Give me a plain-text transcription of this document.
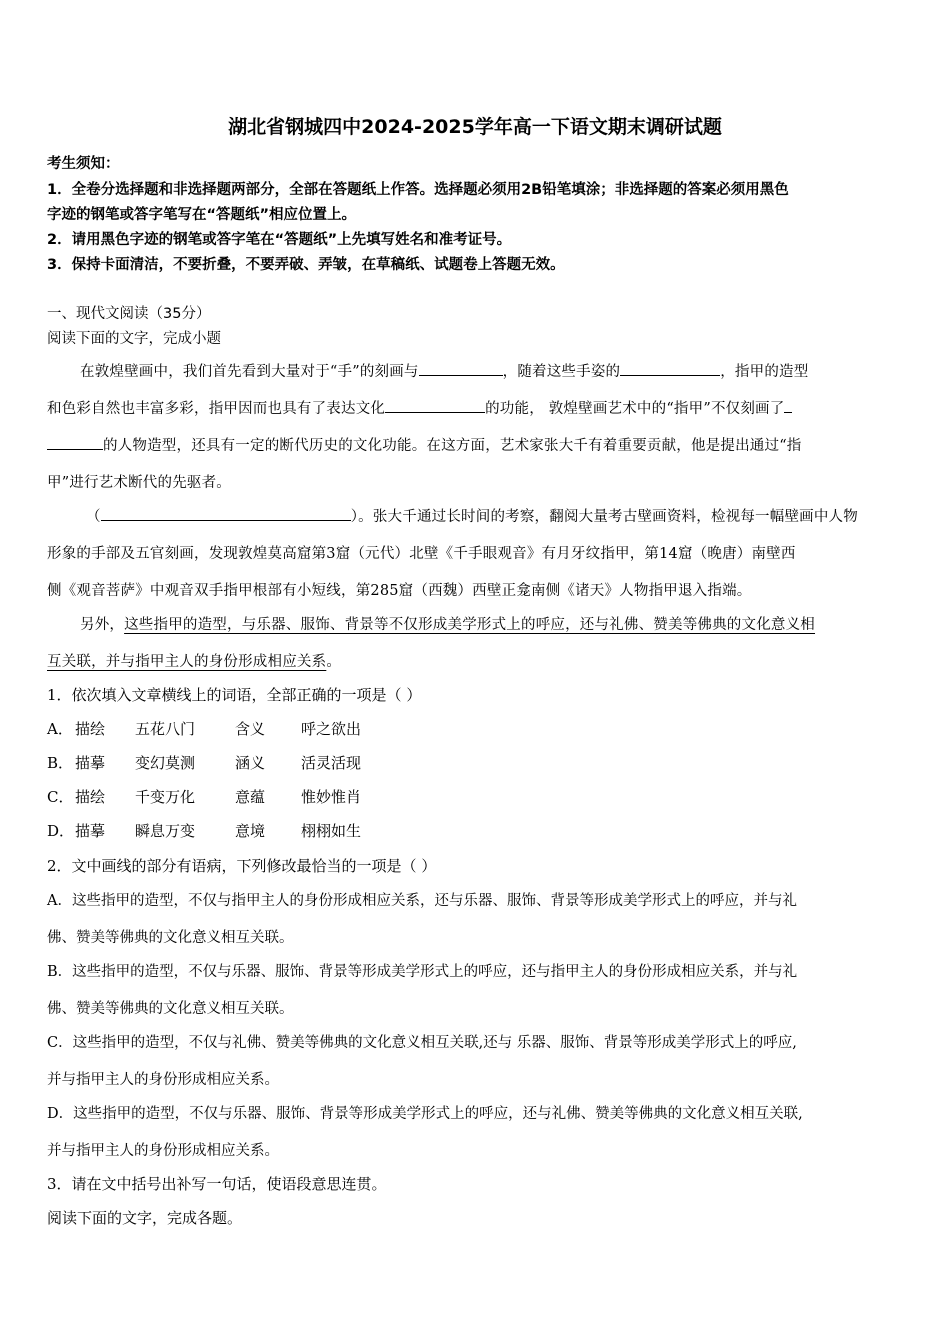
湖北省钢城四中2024-2025学年高一下语文期末调研试题
考生须知：
1．全卷分选择题和非选择题两部分，全部在答题纸上作答。选择题必须用2B铅笔填涂；非选择题的答案必须用黑色
字迹的钢笔或答字笔写在“答题纸”相应位置上。
2．请用黑色字迹的钢笔或答字笔在“答题纸”上先填写姓名和准考证号。
3．保持卡面清洁，不要折叠，不要弄破、弄皱，在草稿纸、试题卷上答题无效。
一、现代文阅读（35分）
阅读下面的文字，完成小题
在敦煌壁画中，我们首先看到大量对于“手”的刻画与	，随着这些手姿的	，指甲的造型
和色彩自然也丰富多彩，指甲因而也具有了表达文化	的功能， 敦煌壁画艺术中的“指甲”不仅刻画了
的人物造型，还具有一定的断代历史的文化功能。在这方面，艺术家张大千有着重要贡献，他是提出通过“指
甲”进行艺术断代的先驱者。
（	）。张大千通过长时间的考察，翻阅大量考古壁画资料，检视每一幅壁画中人物
形象的手部及五官刻画，发现敦煌莫高窟第3窟（元代）北壁《千手眼观音》有月牙纹指甲，第14窟（晚唐）南壁西
侧《观音菩萨》中观音双手指甲根部有小短线，第285窟（西魏）西壁正龛南侧《诸天》人物指甲退入指端。
另外，这些指甲的造型，与乐器、服饰、背景等不仅形成美学形式上的呼应，还与礼佛、赞美等佛典的文化意义相
互关联，并与指甲主人的身份形成相应关系。
1．依次填入文章横线上的词语，全部正确的一项是（ ）
A． 描绘 五花八门	含义 呼之欲出
B． 描摹 变幻莫测	涵义 活灵活现
C． 描绘 千变万化	意蕴 惟妙惟肖
D．描摹 瞬息万变	意境 栩栩如生
2．文中画线的部分有语病，下列修改最恰当的一项是（ ）
A．这些指甲的造型，不仅与指甲主人的身份形成相应关系，还与乐器、服饰、背景等形成美学形式上的呼应，并与礼
佛、赞美等佛典的文化意义相互关联。
B．这些指甲的造型，不仅与乐器、服饰、背景等形成美学形式上的呼应，还与指甲主人的身份形成相应关系，并与礼
佛、赞美等佛典的文化意义相互关联。
C．这些指甲的造型，不仅与礼佛、赞美等佛典的文化意义相互关联,还与 乐器、服饰、背景等形成美学形式上的呼应,
并与指甲主人的身份形成相应关系。
D．这些指甲的造型，不仅与乐器、服饰、背景等形成美学形式上的呼应，还与礼佛、赞美等佛典的文化意义相互关联,
并与指甲主人的身份形成相应关系。
3．请在文中括号出补写一句话，使语段意思连贯。
阅读下面的文字，完成各题。
